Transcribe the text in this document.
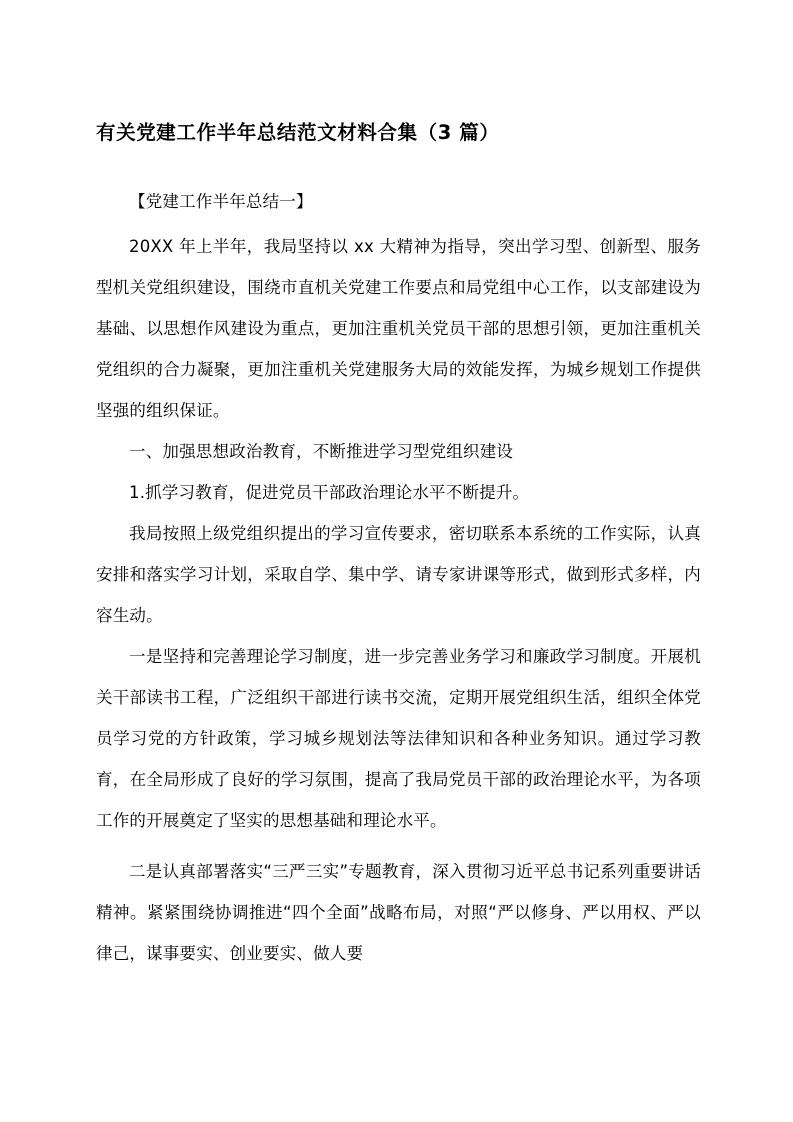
有关党建工作半年总结范文材料合集（3 篇）

【党建工作半年总结一】

20XX 年上半年，我局坚持以 xx 大精神为指导，突出学习型、创新型、服务型机关党组织建设，围绕市直机关党建工作要点和局党组中心工作，以支部建设为基础、以思想作风建设为重点，更加注重机关党员干部的思想引领，更加注重机关党组织的合力凝聚，更加注重机关党建服务大局的效能发挥，为城乡规划工作提供坚强的组织保证。

一、加强思想政治教育，不断推进学习型党组织建设

1.抓学习教育，促进党员干部政治理论水平不断提升。

我局按照上级党组织提出的学习宣传要求，密切联系本系统的工作实际，认真安排和落实学习计划，采取自学、集中学、请专家讲课等形式，做到形式多样，内容生动。

一是坚持和完善理论学习制度，进一步完善业务学习和廉政学习制度。开展机关干部读书工程，广泛组织干部进行读书交流，定期开展党组织生活，组织全体党员学习党的方针政策，学习城乡规划法等法律知识和各种业务知识。通过学习教育，在全局形成了良好的学习氛围，提高了我局党员干部的政治理论水平，为各项工作的开展奠定了坚实的思想基础和理论水平。

二是认真部署落实“三严三实”专题教育，深入贯彻习近平总书记系列重要讲话精神。紧紧围绕协调推进“四个全面”战略布局，对照“严以修身、严以用权、严以律己，谋事要实、创业要实、做人要
